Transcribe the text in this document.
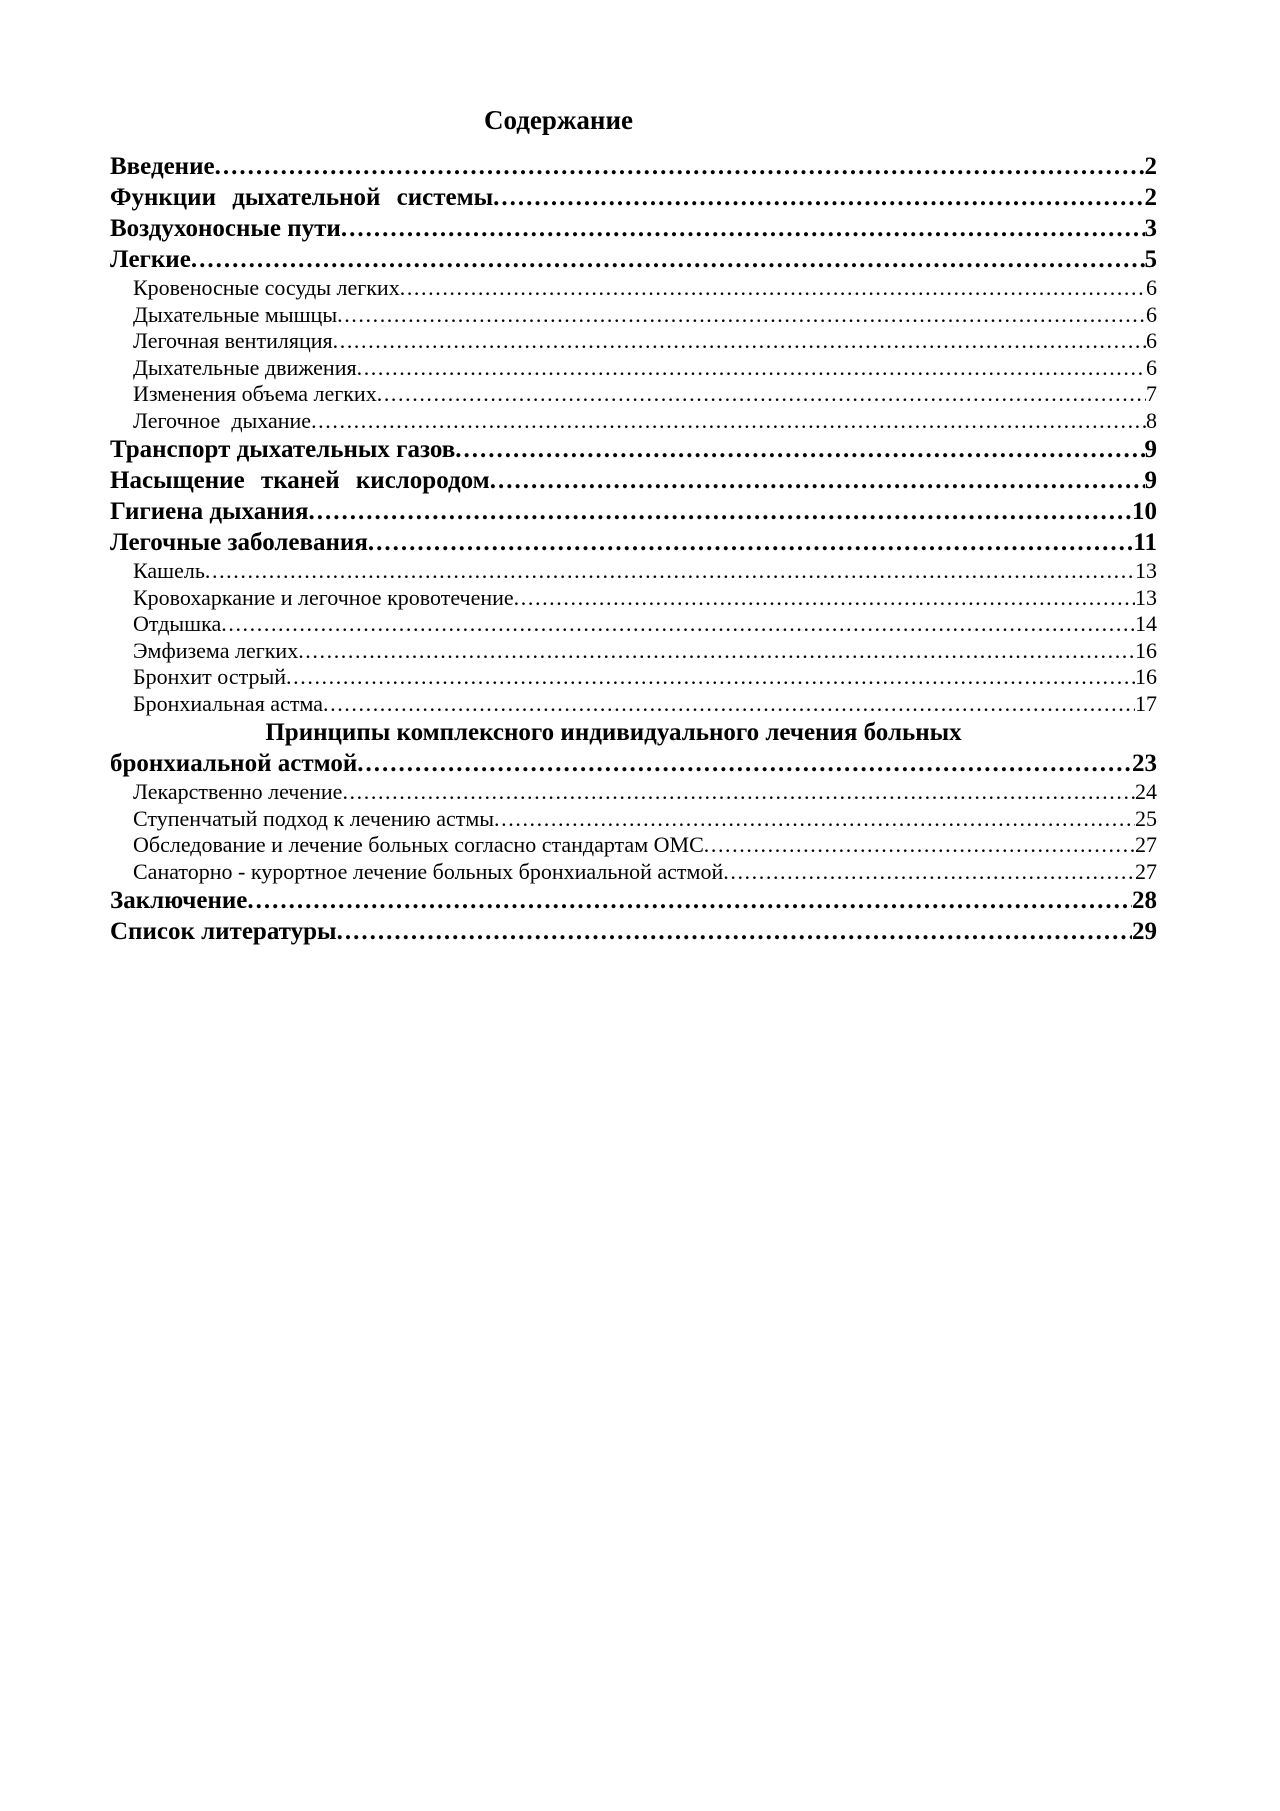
Содержание
Введение .....	2
Функции дыхательной системы .....	2
Воздухоносные пути .....	3
Легкие .....	5
Кровеносные сосуды легких .....	6
Дыхательные мышцы .....	6
Легочная вентиляция .....	6
Дыхательные движения .....	6
Изменения объема легких .....	7
Легочное  дыхание .....	8
Транспорт дыхательных газов .....	9
Насыщение тканей кислородом .....	9
Гигиена дыхания .....	10
Легочные заболевания .....	11
Кашель .....	13
Кровохаркание и легочное кровотечение .....	13
Отдышка .....	14
Эмфизема легких .....	16
Бронхит острый .....	16
Бронхиальная астма .....	17
Принципы комплексного индивидуального лечения больных
бронхиальной астмой .....	23
Лекарственно лечение .....	24
Ступенчатый подход к лечению астмы .....	25
Обследование и лечение больных согласно стандартам ОМС .....	27
Санаторно - курортное лечение больных бронхиальной астмой .....	27
Заключение .....	28
Список литературы .....	29
